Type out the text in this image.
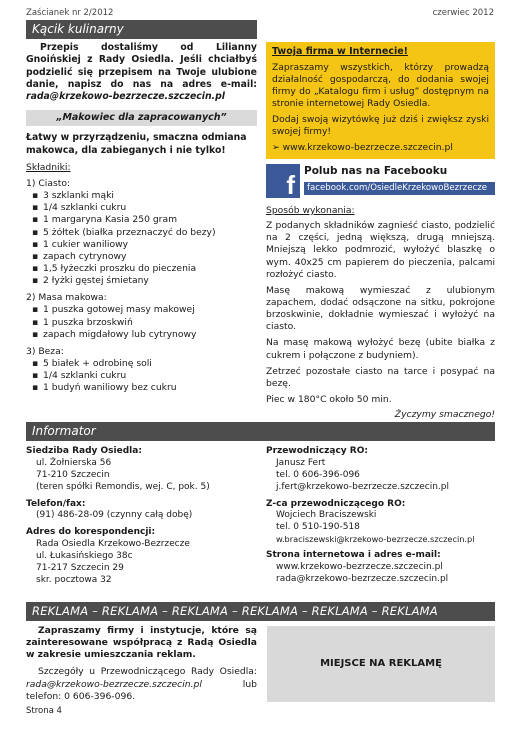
Zaścianek nr 2/2012	czerwiec 2012
Kącik kulinarny

Przepis dostaliśmy od Lilianny Gnoińskiej z Rady Osiedla. Jeśli chciałbyś podzielić się przepisem na Twoje ulubione danie, napisz do nas na adres e-mail: rada@krzekowo-bezrzecze.szczecin.pl

„Makowiec dla zapracowanych”

Łatwy w przyrządzeniu, smaczna odmiana makowca, dla zabieganych i nie tylko!

Składniki:

1) Ciasto:

▪ 3 szklanki mąki
▪ 1/4 szklanki cukru
▪ 1 margaryna Kasia 250 gram
▪ 5 żółtek (białka przeznaczyć do bezy)
▪ 1 cukier waniliowy
▪ zapach cytrynowy
▪ 1,5 łyżeczki proszku do pieczenia
▪ 2 łyżki gęstej śmietany

2) Masa makowa:

▪ 1 puszka gotowej masy makowej
▪ 1 puszka brzoskwiń
▪ zapach migdałowy lub cytrynowy

3) Beza:

▪ 5 białek + odrobinę soli
▪ 1/4 szklanki cukru
▪ 1 budyń waniliowy bez cukru

Twoja firma w Internecie!

Zapraszamy wszystkich, którzy prowadzą działalność gospodarczą, do dodania swojej firmy do „Katalogu firm i usług” dostępnym na stronie internetowej Rady Osiedla.

Dodaj swoją wizytówkę już dziś i zwiększ zyski swojej firmy!

➢ www.krzekowo-bezrzecze.szczecin.pl

f Polub nas na Facebooku
facebook.com/OsiedleKrzekowoBezrzecze

Sposób wykonania:

Z podanych składników zagnieść ciasto, podzielić na 2 części, jedną większą, drugą mniejszą. Mniejszą lekko podmrozić, wyłożyć blaszkę o wym. 40x25 cm papierem do pieczenia, palcami rozłożyć ciasto.

Masę makową wymieszać z ulubionym zapachem, dodać odsączone na sitku, pokrojone brzoskwinie, dokładnie wymieszać i wyłożyć na ciasto.

Na masę makową wyłożyć bezę (ubite białka z cukrem i połączone z budyniem).

Zetrzeć pozostałe ciasto na tarce i posypać na bezę.

Piec w 180°C około 50 min.

Życzymy smacznego!

Informator

Siedziba Rady Osiedla:

ul. Żołnierska 56

71-210 Szczecin

(teren spółki Remondis, wej. C, pok. 5)

Telefon/fax:

(91) 486-28-09 (czynny całą dobę)

Adres do korespondencji:

Rada Osiedla Krzekowo-Bezrzecze

ul. Łukasińskiego 38c

71-217 Szczecin 29

skr. pocztowa 32

Przewodniczący RO:

Janusz Fert

tel. 0 606-396-096

j.fert@krzekowo-bezrzecze.szczecin.pl

Z-ca przewodniczącego RO:

Wojciech Braciszewski

tel. 0 510-190-518

w.braciszewski@krzekowo-bezrzecze.szczecin.pl

Strona internetowa i adres e-mail:

www.krzekowo-bezrzecze.szczecin.pl

rada@krzekowo-bezrzecze.szczecin.pl

REKLAMA – REKLAMA – REKLAMA – REKLAMA – REKLAMA – REKLAMA

Zapraszamy firmy i instytucje, które są zainteresowane współpracą z Radą Osiedla w zakresie umieszczania reklam.

Szczegóły u Przewodniczącego Rady Osiedla: rada@krzekowo-bezrzecze.szczecin.pl	lub telefon: 0 606-396-096.

MIEJSCE NA REKLAMĘ
Strona 4
